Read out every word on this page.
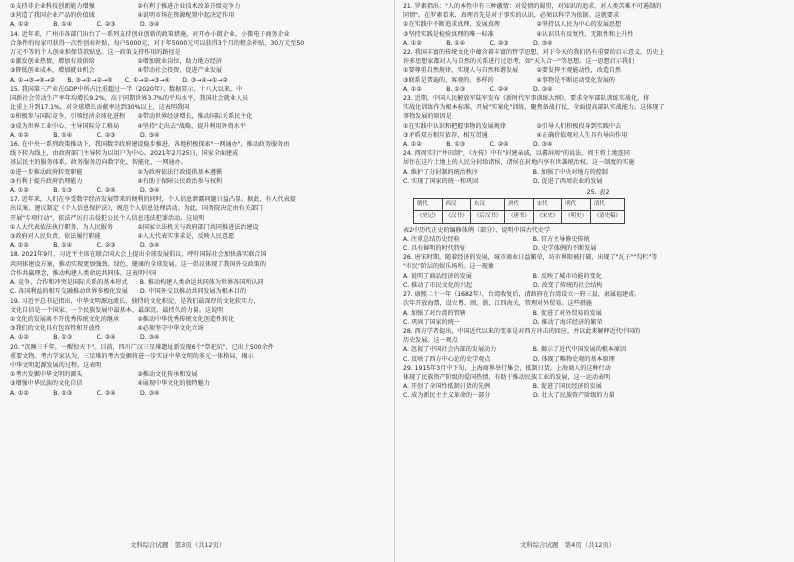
①支持非企业科技创新能力增强　　　　　　　②有利于推进企业技术改革升级竞争力
③营造了我国企业产品的价值域　　　　　　　④说明市场在资源配置中起决定作用
A. ①②　　　　B. ①④　　　　C. ②③　　　　D. ③④
14. 近年来，广州市各部门出台了一系列支持创业创新的政策措施，对开办小微企业、小微电子商务企业
合条件的每家可获得一次性创业补贴，每户5000元，对于年5000元可以获得3个月的租金补贴，30万元至50
万元不等的个人创业担保贷款贴息。这一政策支持作用的路径是
①激发创业热情，增加有效供给　　　　　　　②增加就业岗位，助力地方经济
③降低创业成本，增加就业机会　　　　　　　④带动社会投资，促进产业发展
A. ①→③→④→②　　B. ③→①→②→④　　C. ①→②→③→④　　D. ③→④→①→②
15. 我国第三产业在GDP中所占比重超过一半（2020年）。数据显示，十八大以来，中
国新社会劳动生产率年均增长9.2%，高于同期世界3.7%的平均水平，我国社会就业人员
比重上升到17.1%，对全球增长贡献率达到30%以上，这表明我国
①积极参与国际竞争，引领经济全球化进程　　②带动世界经济增长，推动国际关系民主化
③成为世界工业中心，主导国际分工格局　　　④坚持"走出去"战略，提升利用外资水平
A. ①②　　　　B. ①④　　　　C. ②③　　　　D. ③④
16. 在中央一系列政策推动下，我国数字政府建设稳步推进，各地积极探索"一网通办"，推动政务服务由
线下转为线上，由政府部门主导转为以用户为中心。2021年2月25日，国家全面建成
基层民主的服务体系，政务服务迈向数字化、智能化、一网通办。
①进一步推动政府转变职能　　　　　　　　　②为政府依法行政提供基本遵循
③有利于提升政府治理能力　　　　　　　　　④有助于保障公民政治参与权利
A. ①②　　　　B. ①③　　　　C. ②④　　　　D. ③④
17. 近年来，人们在享受数字经济发展带来的便利的同时，个人信息泄露问题日益凸显。据此，有人代表提
出议案，建议制定《个人信息保护法》，规范个人信息处理活动。为此，国务院决定由有关部门
开展"专项行动"，依法严厉打击侵犯公民个人信息违法犯罪活动。这说明
①人大代表依法执行职务，为人民服务　　　　②国家立法机关与政府部门共同推进法治建设
③政府对人民负责，依法履行职能　　　　　　④人大代表实事求是，反映人民意愿
A. ①②　　　　B. ①④　　　　C. ②③　　　　D. ③④
18. 2021年9月，习近平主席在联合国大会上提出全球发展倡议，呼吁国际社会加快落实联合国
共同体建设方案，推动实现更加强劲、绿色、健康的全球发展。这一倡议体现了我国外交政策的
合作共赢理念，推动构建人类命运共同体。这表明中国
A. 竞争、合作和冲突是国际关系的基本形式　　B. 推动构建人类命运共同体为世界各国所认同
C. 各国利益的相互交融推动世界多极化发展　　D. 中国外交以推动共同发展为根本目的
19. 习近平总书记指出，中华文明源远流长，独特的文化积淀，是我们最深厚的文化软实力，
文化自信是一个国家、一个民族发展中最基本、最深沉、最持久的力量。这说明
①文化的发展离不开优秀传统文化的继承　　　②推动中华优秀传统文化创造性转化
③我们的文化具有包容性和开放性　　　　　　④必须坚守中华文化立场
A. ①②　　　　B. ①③　　　　C. ②④　　　　D. ③④
20. "沉睡三千年，一醒惊天下"。目前，四川广汉三星堆遗址新发现6个"祭祀坑"，已出土500余件
重要文物。考古学家认为，三星堆的考古发掘将进一步实证中华文明的多元一体格局，揭示
中华文明起源发展的过程。这表明
①考古发掘中华文明的源头　　　　　　　　　②推动文化传承和发展
③增强中华民族的文化自信　　　　　　　　　④展现中华文化的独特魅力
A. ①②　　　　B. ①③　　　　C. ②④　　　　D. ③④
21. 罗素指出："人的本性中有三种激情：对爱情的渴望，对知识的追求，对人类苦难不可遏制的
同情"。在罗素看来，真理首先是对于事实的认识，必须以科学为依据。这就要求
①在实践中不断追求真理，发展真理　　　　　　②坚持以人民为中心的发展思想
③坚持实践是检验真理的唯一标准　　　　　　　④认识具有反复性、无限性和上升性
A. ①②　　　　B. ①④　　　　C. ②③　　　　D. ③④
22. 我国丰富的传统文化中蕴含着丰富的哲学思想，对于今天的我们仍有重要的启示意义。历史上
许多思想家都对人与自然的关系进行过思考，如"天人合一"等思想。这一思想启示我们
①要尊重自然规律，实现人与自然和谐发展　　　②要发挥主观能动性，改造自然
③联系是普遍的、客观的、多样的　　　　　　　④事物是不断运动变化发展的
A. ①②　　　　B. ①③　　　　C. ②④　　　　D. ③④
23. 近期，中国人民解放军陆军发布《新时代军事训练大纲》，要求全军部队训练实战化，将
实战化训练作为根本标准，开展"实案化"训练，聚焦备战打仗，全面提高部队实战能力。这体现了
事物发展的原因是
①在实践中认识和把握事物的发展规律　　　　　②引导人们积极投身到实践中去
③矛盾双方相互依存、相互贯通　　　　　　　　④正确价值观对人生具有导向作用
A. ①②　　　　B. ①③　　　　C. ②④　　　　D. ③④
24. 西周实行"井田制"，《左传》中有"封建亲戚，以蕃屏周"的说法。周王将土地连同
居住在这片土地上的人民分封给诸侯，诸侯在封地内享有世袭统治权。这一制度的实施
A. 维护了分封制的统治秩序　　　　　　　　　B. 加强了中央对地方的控制
C. 实现了国家的统一和巩固　　　　　　　　　D. 促进了西周农业的发展
25. 表2
朝代	西汉	东汉	唐代	宋代	明代	清代
《史记》	《汉书》	《后汉书》	《唐书》	《宋史》	《明史》	《清史稿》
表2中历代正史的编修体例（部分），说明中国古代史学
A. 注重总结历史经验　　　　　　　　　　　　B. 官方主导修史传统
C. 具有鲜明的时代特征　　　　　　　　　　　D. 史学体例的不断发展
26. 唐宋时期，随着经济的发展，城市商业日益繁荣，坊市界限被打破，出现了"瓦子""勾栏"等
"市民"阶层的娱乐场所。这一现象
A. 说明了商品经济的发展　　　　　　　　　　B. 反映了城市功能的变化
C. 推动了市民文化的兴起　　　　　　　　　　D. 改变了传统的社会结构
27. 康熙二十一年（1682年），台湾收复后，清政府在台湾设立一府三县，隶属福建省。
次年开放海禁，设立粤、闽、浙、江四海关，管理对外贸易。这些措施
A. 加强了对台湾的管辖　　　　　　　　　　　B. 促进了对外贸易的发展
C. 巩固了国家的统一　　　　　　　　　　　　D. 推动了海洋经济的繁荣
28. 西方学者提出，中国近代以来的变革是对西方冲击的回应，并以此来解释近代中国的
历史发展。这一观点
A. 忽视了中国社会内部的发展动力　　　　　　B. 揭示了近代中国发展的根本原因
C. 反映了西方中心论的史学观点　　　　　　　D. 体现了唯物史观的基本原理
29. 1915年3月中下旬，上海商界举行集会，抵制日货。上海商人的这种行动
体现了民族资产阶级的爱国热情，有助于推动民族工业的发展，这一运动表明
A. 开创了全国性抵制日货的先例　　　　　　　B. 促进了国民经济的发展
C. 成为新民主主义革命的一部分　　　　　　　D. 壮大了民族资产阶级的力量
文科综合试题　第3页（共12页）	文科综合试题　第4页（共12页）
